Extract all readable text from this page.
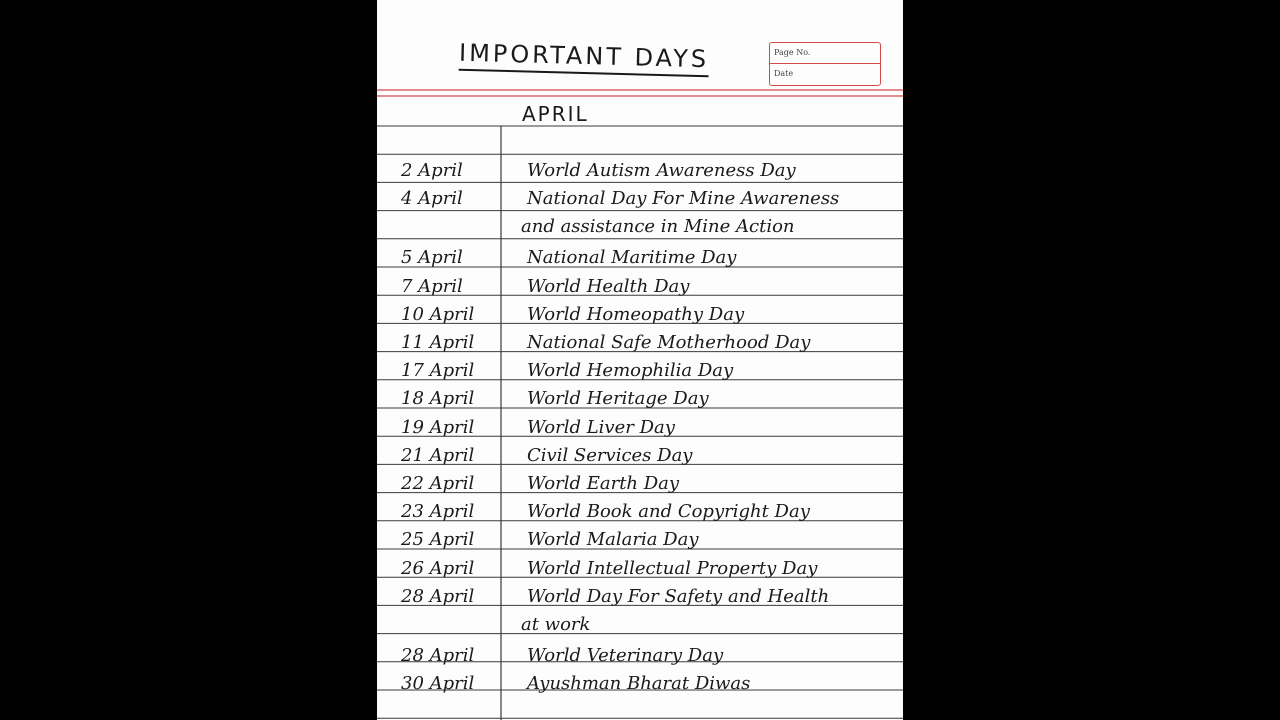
IMPORTANT DAYS	Page No.
Date
APRIL
2 April	World Autism Awareness Day
4 April	National Day For Mine Awareness
and assistance in Mine Action
5 April	National Maritime Day
7 April	World Health Day
10 April	World Homeopathy Day
11 April	National Safe Motherhood Day
17 April	World Hemophilia Day
18 April	World Heritage Day
19 April	World Liver Day
21 April	Civil Services Day
22 April	World Earth Day
23 April	World Book and Copyright Day
25 April	World Malaria Day
26 April	World Intellectual Property Day
28 April	World Day For Safety and Health
at work
28 April	World Veterinary Day
30 April	Ayushman Bharat Diwas
